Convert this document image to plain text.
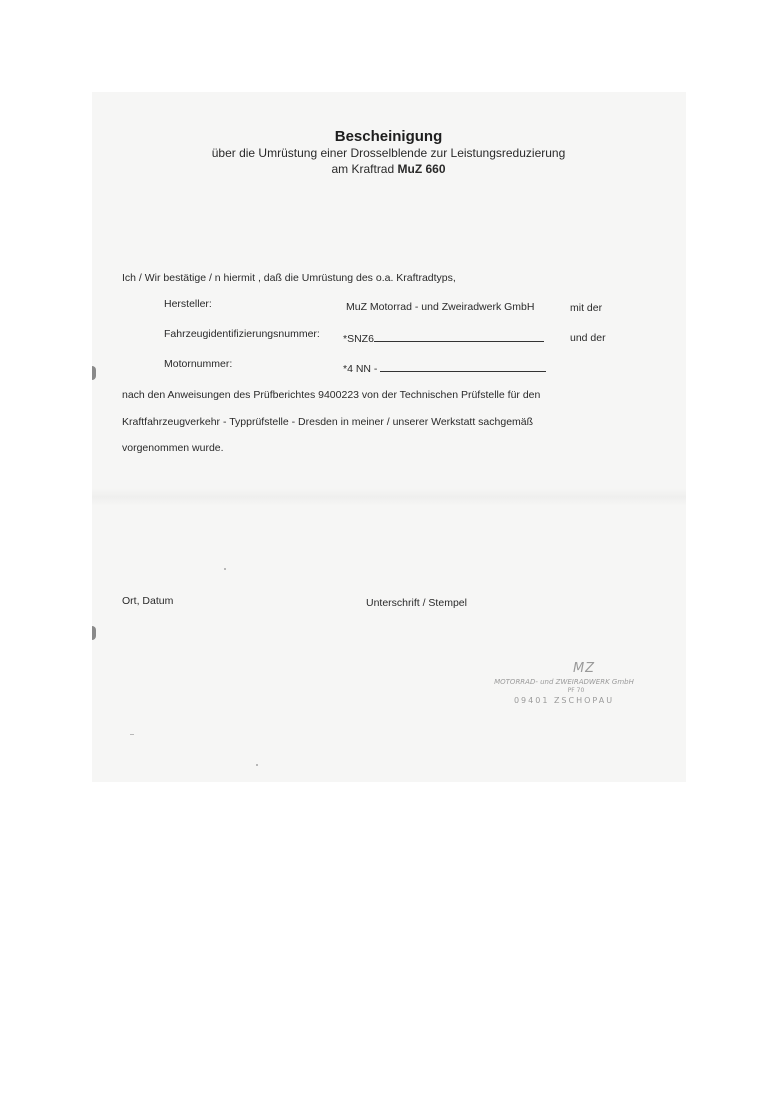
Bescheinigung
über die Umrüstung einer Drosselblende zur Leistungsreduzierung
am Kraftrad MuZ 660
Ich / Wir bestätige / n hiermit , daß die Umrüstung des o.a. Kraftradtyps,
Hersteller:	MuZ Motorrad - und Zweiradwerk GmbH	mit der
Fahrzeugidentifizierungsnummer: *SNZ6	und der
Motornummer:	*4 NN -
nach den Anweisungen des Prüfberichtes 9400223 von der Technischen Prüfstelle für den
Kraftfahrzeugverkehr - Typprüfstelle - Dresden in meiner / unserer Werkstatt sachgemäß
vorgenommen wurde.
Ort, Datum	Unterschrift / Stempel
MZ
MOTORRAD- und ZWEIRADWERK GmbH
PF 70
09401 ZSCHOPAU
